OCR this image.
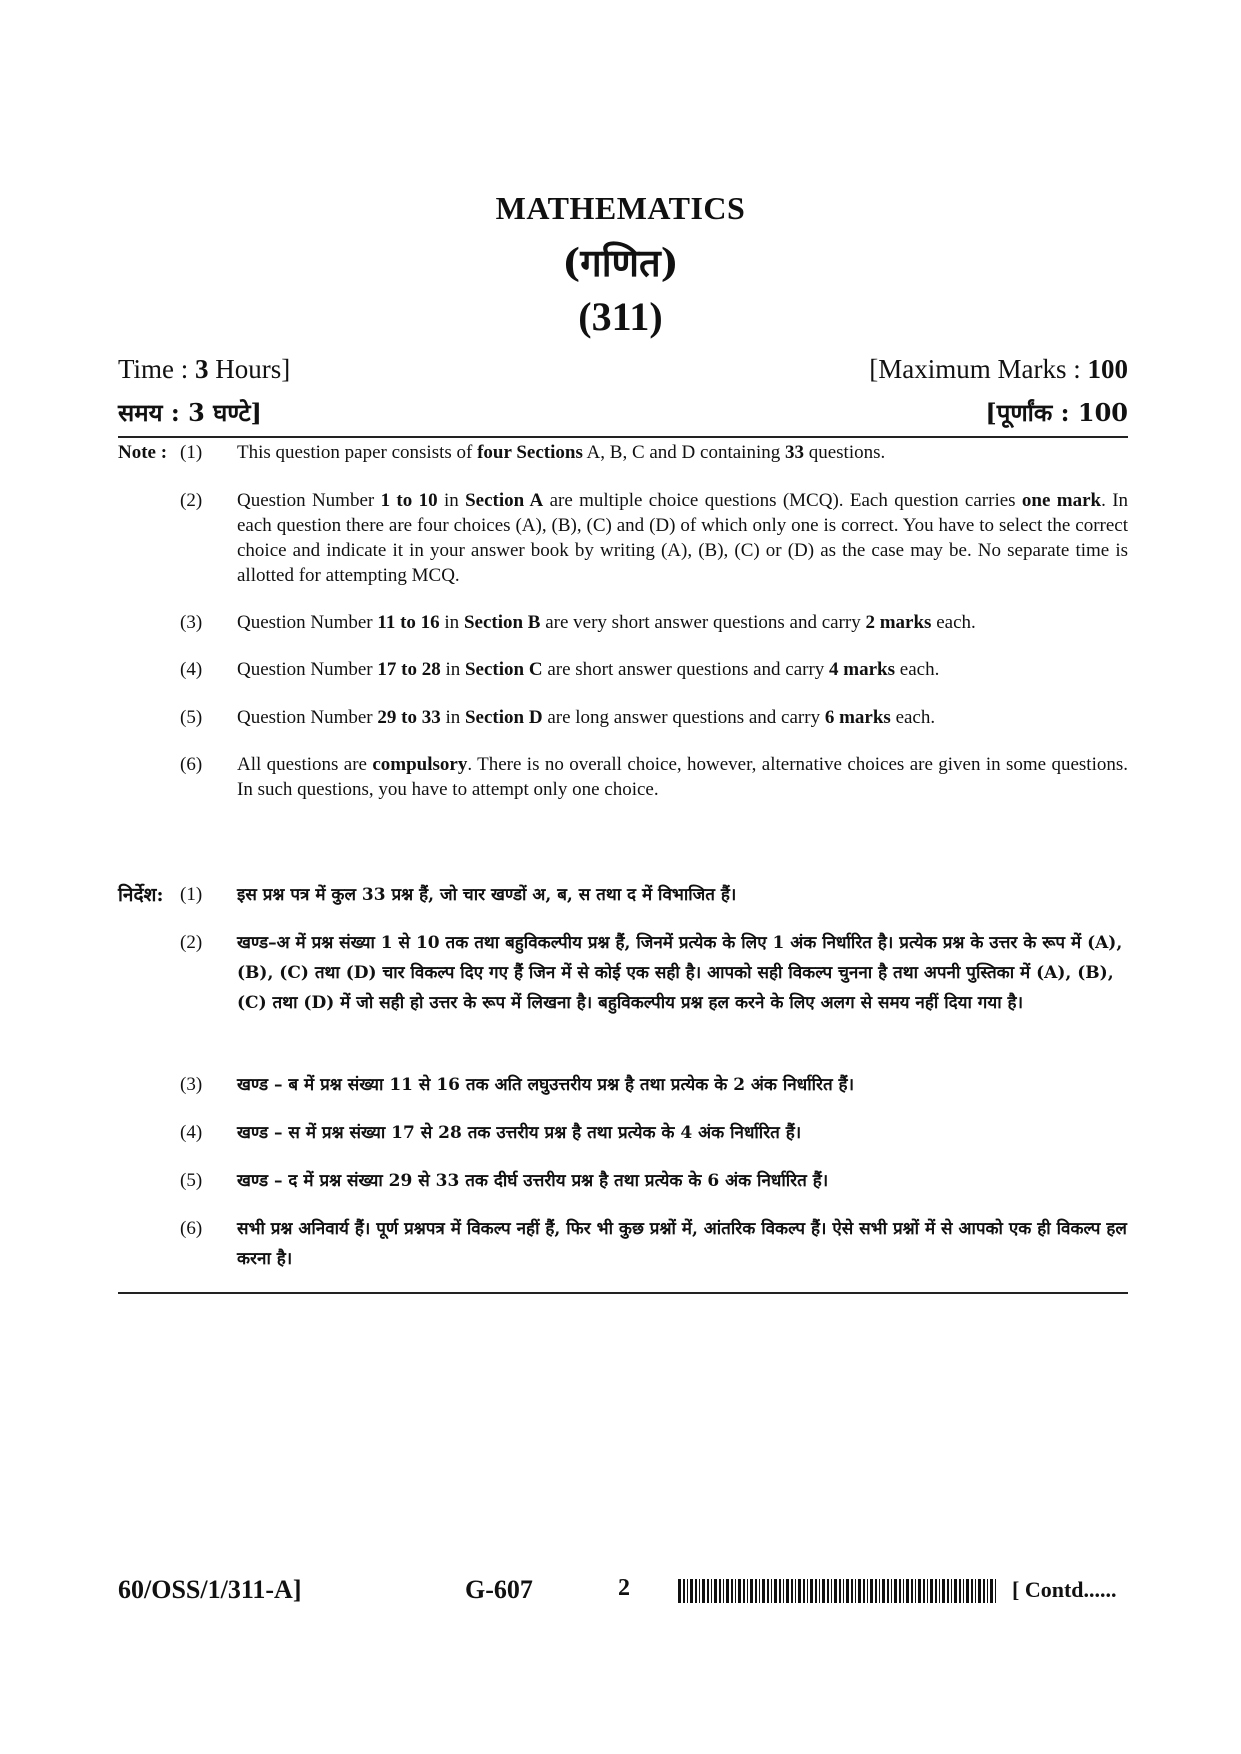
MATHEMATICS
(गणित)
(311)
Time : 3 Hours]	[Maximum Marks : 100
समय : 3 घण्टे]	[पूर्णांक : 100
Note : (1) This question paper consists of four Sections A, B, C and D containing 33 questions.
(2) Question Number 1 to 10 in Section A are multiple choice questions (MCQ). Each question carries one mark. In each question there are four choices (A), (B), (C) and (D) of which only one is correct. You have to select the correct choice and indicate it in your answer book by writing (A), (B), (C) or (D) as the case may be. No separate time is allotted for attempting MCQ.
(3) Question Number 11 to 16 in Section B are very short answer questions and carry 2 marks each.
(4) Question Number 17 to 28 in Section C are short answer questions and carry 4 marks each.
(5) Question Number 29 to 33 in Section D are long answer questions and carry 6 marks each.
(6) All questions are compulsory. There is no overall choice, however, alternative choices are given in some questions. In such questions, you have to attempt only one choice.
निर्देश: (1) इस प्रश्न पत्र में कुल 33 प्रश्न हैं, जो चार खण्डों अ, ब, स तथा द में विभाजित हैं।
(2) खण्ड–अ में प्रश्न संख्या 1 से 10 तक तथा बहुविकल्पीय प्रश्न हैं, जिनमें प्रत्येक के लिए 1 अंक निर्धारित है। प्रत्येक प्रश्न के उत्तर के रूप में (A), (B), (C) तथा (D) चार विकल्प दिए गए हैं जिन में से कोई एक सही है। आपको सही विकल्प चुनना है तथा अपनी पुस्तिका में (A), (B), (C) तथा (D) में जो सही हो उत्तर के रूप में लिखना है। बहुविकल्पीय प्रश्न हल करने के लिए अलग से समय नहीं दिया गया है।
(3) खण्ड – ब में प्रश्न संख्या 11 से 16 तक अति लघुउत्तरीय प्रश्न है तथा प्रत्येक के 2 अंक निर्धारित हैं।
(4) खण्ड – स में प्रश्न संख्या 17 से 28 तक उत्तरीय प्रश्न है तथा प्रत्येक के 4 अंक निर्धारित हैं।
(5) खण्ड – द में प्रश्न संख्या 29 से 33 तक दीर्घ उत्तरीय प्रश्न है तथा प्रत्येक के 6 अंक निर्धारित हैं।
(6) सभी प्रश्न अनिवार्य हैं। पूर्ण प्रश्नपत्र में विकल्प नहीं हैं, फिर भी कुछ प्रश्नों में, आंतरिक विकल्प हैं। ऐसे सभी प्रश्नों में से आपको एक ही विकल्प हल करना है।
60/OSS/1/311-A]	G-607	2	[ Contd......
